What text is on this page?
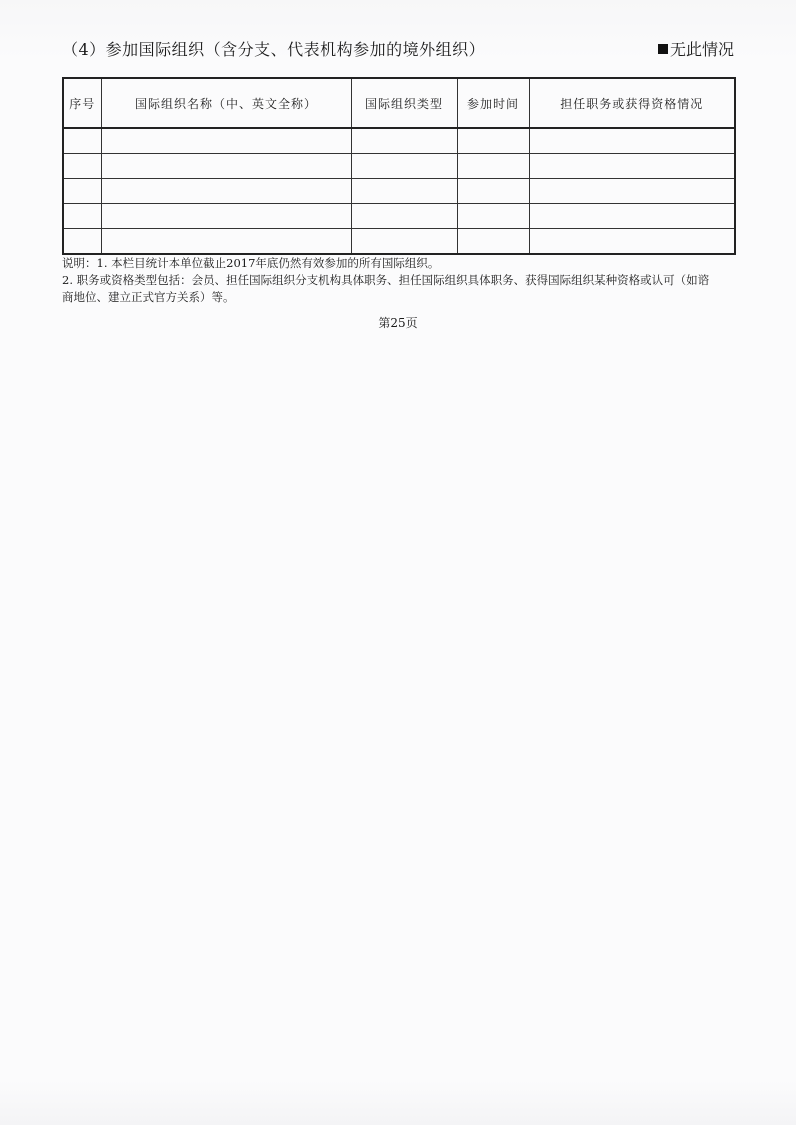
（4）参加国际组织（含分支、代表机构参加的境外组织）	无此情况
序号	国际组织名称（中、英文全称）	国际组织类型	参加时间	担任职务或获得资格情况

说明：1. 本栏目统计本单位截止2017年底仍然有效参加的所有国际组织。

2. 职务或资格类型包括：会员、担任国际组织分支机构具体职务、担任国际组织具体职务、获得国际组织某种资格或认可（如谘

商地位、建立正式官方关系）等。

第25页
